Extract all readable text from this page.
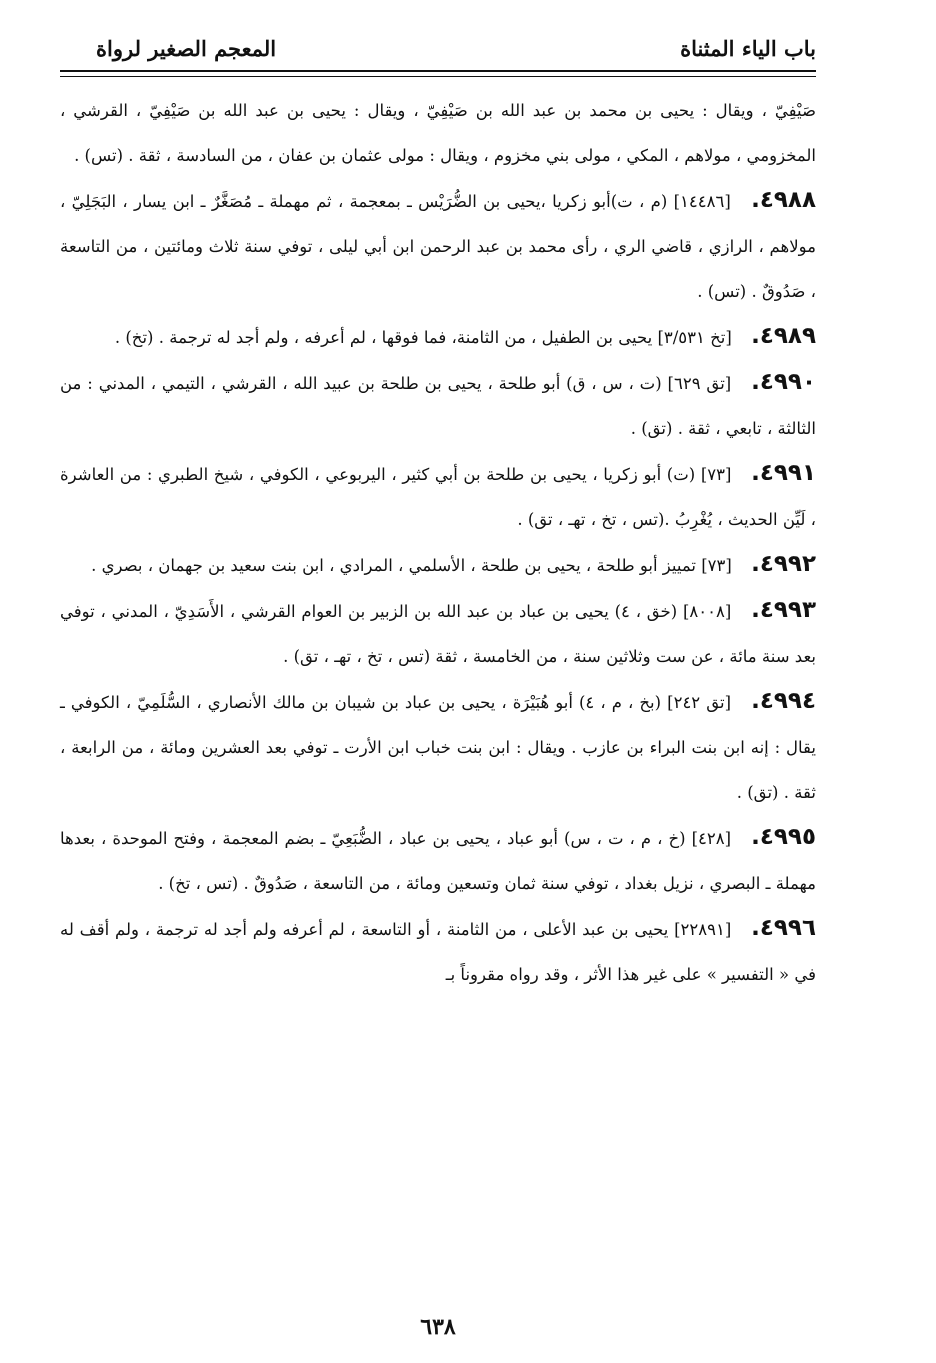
باب الياء المثناة
المعجم الصغير لرواة

صَيْفِيّ ، ويقال : يحيى بن محمد بن عبد الله بن صَيْفِيّ ، ويقال : يحيى بن عبد الله بن صَيْفِيّ ، القرشي ، المخزومي ، مولاهم ، المكي ، مولى بني مخزوم ، ويقال : مولى عثمان بن عفان ، من السادسة ، ثقة . (تس) .

٤٩٨٨. [١٤٤٨٦] (م ، ت)أبو زكريا ،يحيى بن الضُّرَيْس ـ بمعجمة ، ثم مهملة ـ مُصَغَّرٌ ـ ابن يسار ، البَجَلِيّ ، مولاهم ، الرازي ، قاضي الري ، رأى محمد بن عبد الرحمن ابن أبي ليلى ، توفي سنة ثلاث ومائتين ، من التاسعة ، صَدُوقٌ . (تس) .

٤٩٨٩. [تخ ٣/٥٣١] يحيى بن الطفيل ، من الثامنة، فما فوقها ، لم أعرفه ، ولم أجد له ترجمة . (تخ) .

٤٩٩٠. [تق ٦٢٩] (ت ، س ، ق) أبو طلحة ، يحيى بن طلحة بن عبيد الله ، القرشي ، التيمي ، المدني : من الثالثة ، تابعي ، ثقة . (تق) .

٤٩٩١. [٧٣] (ت) أبو زكريا ، يحيى بن طلحة بن أبي كثير ، اليربوعي ، الكوفي ، شيخ الطبري : من العاشرة ، لَيِّن الحديث ، يُغْرِبُ .(تس ، تخ ، تهـ ، تق) .

٤٩٩٢. [٧٣] تمييز أبو طلحة ، يحيى بن طلحة ، الأسلمي ، المرادي ، ابن بنت سعيد بن جهمان ، بصري .

٤٩٩٣. [٨٠٠٨] (خق ، ٤) يحيى بن عباد بن عبد الله بن الزبير بن العوام القرشي ، الأَسَدِيّ ، المدني ، توفي بعد سنة مائة ، عن ست وثلاثين سنة ، من الخامسة ، ثقة (تس ، تخ ، تهـ ، تق) .

٤٩٩٤. [تق ٢٤٢] (بخ ، م ، ٤) أبو هُبَيْرَة ، يحيى بن عباد بن شيبان بن مالك الأنصاري ، السُّلَمِيّ ، الكوفي ـ يقال : إنه ابن بنت البراء بن عازب . ويقال : ابن بنت خباب ابن الأرت ـ توفي بعد العشرين ومائة ، من الرابعة ، ثقة . (تق) .

٤٩٩٥. [٤٢٨] (خ ، م ، ت ، س) أبو عباد ، يحيى بن عباد ، الضُّبَعِيّ ـ بضم المعجمة ، وفتح الموحدة ، بعدها مهملة ـ البصري ، نزيل بغداد ، توفي سنة ثمان وتسعين ومائة ، من التاسعة ، صَدُوقٌ . (تس ، تخ) .

٤٩٩٦. [٢٢٨٩١] يحيى بن عبد الأعلى ، من الثامنة ، أو التاسعة ، لم أعرفه ولم أجد له ترجمة ، ولم أقف له في « التفسير » على غير هذا الأثر ، وقد رواه مقروناً بـ

٦٣٨
